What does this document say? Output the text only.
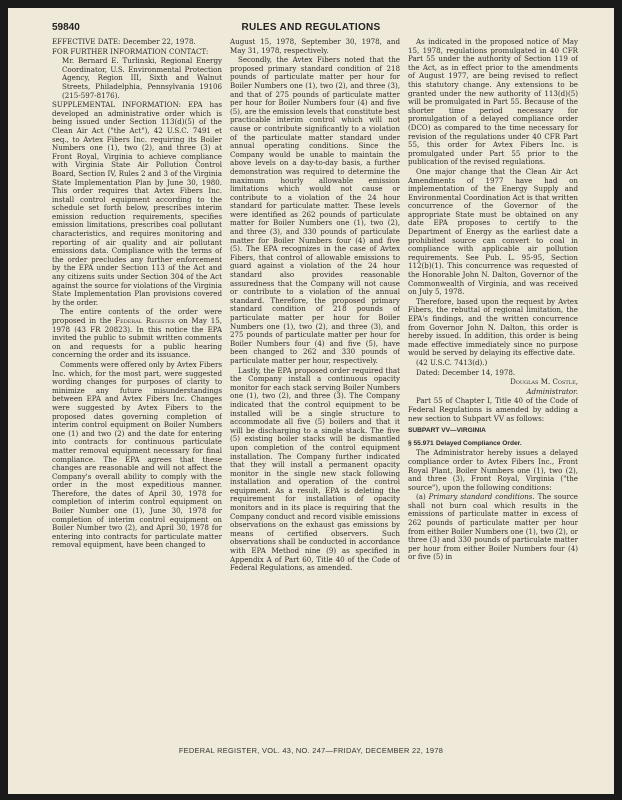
59840	RULES AND REGULATIONS

EFFECTIVE DATE: December 22, 1978.

FOR FURTHER INFORMATION CONTACT:

Mr. Bernard E. Turlinski, Regional Energy Coordinator, U.S. Environmental Protection Agency, Region III, Sixth and Walnut Streets, Philadelphia, Pennsylvania 19106 (215-597-8176).

SUPPLEMENTAL INFORMATION: EPA has developed an administrative order which is being issued under Section 113(d)(5) of the Clean Air Act ("the Act"), 42 U.S.C. 7491 et seq., to Avtex Fibers Inc. requiring its Boiler Numbers one (1), two (2), and three (3) at Front Royal, Virginia to achieve compliance with Virginia State Air Pollution Control Board, Section IV, Rules 2 and 3 of the Virginia State Implementation Plan by June 30, 1980. This order requires that Avtex Fibers Inc. install control equipment according to the schedule set forth below, prescribes interim emission reduction requirements, specifies emission limitations, prescribes coal pollutant characteristics, and requires monitoring and reporting of air quality and air pollutant emissions data. Compliance with the terms of the order precludes any further enforcement by the EPA under Section 113 of the Act and any citizens suits under Section 304 of the Act against the source for violations of the Virginia State Implementation Plan provisions covered by the order.

The entire contents of the order were proposed in the Federal Register on May 15, 1978 (43 FR 20823). In this notice the EPA invited the public to submit written comments on and requests for a public hearing concerning the order and its issuance.

Comments were offered only by Avtex Fibers Inc. which, for the most part, were suggested wording changes for purposes of clarity to minimize any future misunderstandings between EPA and Avtex Fibers Inc. Changes were suggested by Avtex Fibers to the proposed dates governing completion of interim control equipment on Boiler Numbers one (1) and two (2) and the date for entering into contracts for continuous particulate matter removal equipment necessary for final compliance. The EPA agrees that these changes are reasonable and will not affect the Company's overall ability to comply with the order in the most expeditious manner. Therefore, the dates of April 30, 1978 for completion of interim control equipment on Boiler Number one (1), June 30, 1978 for completion of interim control equipment on Boiler Number two (2), and April 30, 1978 for entering into contracts for particulate matter removal equipment, have been changed to

August 15, 1978, September 30, 1978, and May 31, 1978, respectively.

Secondly, the Avtex Fibers noted that the proposed primary standard condition of 218 pounds of particulate matter per hour for Boiler Numbers one (1), two (2), and three (3), and that of 275 pounds of particulate matter per hour for Boiler Numbers four (4) and five (5), are the emission levels that constitute best practicable interim control which will not cause or contribute significantly to a violation of the particulate matter standard under annual operating conditions. Since the Company would be unable to maintain the above levels on a day-to-day basis, a further demonstration was required to determine the maximum hourly allowable emission limitations which would not cause or contribute to a violation of the 24 hour standard for particulate matter. These levels were identified as 262 pounds of particulate matter for Boiler Numbers one (1), two (2), and three (3), and 330 pounds of particulate matter for Boiler Numbers four (4) and five (5). The EPA recognizes in the case of Avtex Fibers, that control of allowable emissions to guard against a violation of the 24 hour standard also provides reasonable assuredness that the Company will not cause or contribute to a violation of the annual standard. Therefore, the proposed primary standard condition of 218 pounds of particulate matter per hour for Boiler Numbers one (1), two (2), and three (3), and 275 pounds of particulate matter per hour for Boiler Numbers four (4) and five (5), have been changed to 262 and 330 pounds of particulate matter per hour, respectively.

Lastly, the EPA proposed order required that the Company install a continuous opacity monitor for each stack serving Boiler Numbers one (1), two (2), and three (3). The Company indicated that the control equipment to be installed will be a single structure to accommodate all five (5) boilers and that it will be discharging to a single stack. The five (5) existing boiler stacks will be dismantled upon completion of the control equipment installation. The Company further indicated that they will install a permanent opacity monitor in the single new stack following installation and operation of the control equipment. As a result, EPA is deleting the requirement for installation of opacity monitors and in its place is requiring that the Company conduct and record visible emissions observations on the exhaust gas emissions by means of certified observers. Such observations shall be conducted in accordance with EPA Method nine (9) as specified in Appendix A of Part 60, Title 40 of the Code of Federal Regulations, as amended.

As indicated in the proposed notice of May 15, 1978, regulations promulgated in 40 CFR Part 55 under the authority of Section 119 of the Act, as in effect prior to the amendments of August 1977, are being revised to reflect this statutory change. Any extensions to be granted under the new authority of 113(d)(5) will be promulgated in Part 55. Because of the shorter time period necessary for promulgation of a delayed compliance order (DCO) as compared to the time necessary for revision of the regulations under 40 CFR Part 55, this order for Avtex Fibers Inc. is promulgated under Part 55 prior to the publication of the revised regulations.

One major change that the Clean Air Act Amendments of 1977 have had on implementation of the Energy Supply and Environmental Coordination Act is that written concurrence of the Governor of the appropriate State must be obtained on any date EPA proposes to certify to the Department of Energy as the earliest date a prohibited source can convert to coal in compliance with applicable air pollution requirements. See Pub. L. 95-95, Section 112(b)(1). This concurrence was requested of the Honorable John N. Dalton, Governor of the Commonwealth of Virginia, and was received on July 5, 1978.

Therefore, based upon the request by Avtex Fibers, the rebuttal of regional limitation, the EPA's findings, and the written concurrence from Governor John N. Dalton, this order is hereby issued. In addition, this order is being made effective immediately since no purpose would be served by delaying its effective date.

(42 U.S.C. 7413(d).)

Dated: December 14, 1978.

Douglas M. Costle,

Administrator.

Part 55 of Chapter I, Title 40 of the Code of Federal Regulations is amended by adding a new section to Subpart VV as follows:

SUBPART VV—VIRGINIA

§ 55.971 Delayed Compliance Order.

The Administrator hereby issues a delayed compliance order to Avtex Fibers Inc., Front Royal Plant, Boiler Numbers one (1), two (2), and three (3), Front Royal, Virginia ("the source"), upon the following conditions:

(a) Primary standard conditions. The source shall not burn coal which results in the emissions of particulate matter in excess of 262 pounds of particulate matter per hour from either Boiler Numbers one (1), two (2), or three (3) and 330 pounds of particulate matter per hour from either Boiler Numbers four (4) or five (5) in

FEDERAL REGISTER, VOL. 43, NO. 247—FRIDAY, DECEMBER 22, 1978
